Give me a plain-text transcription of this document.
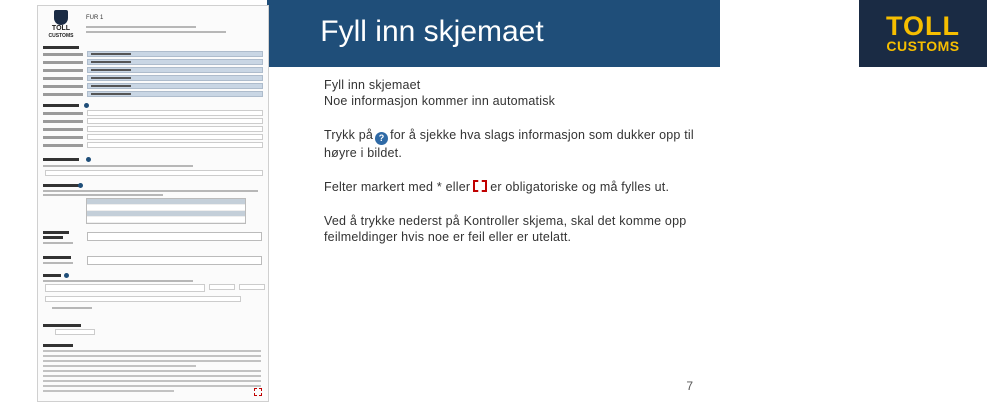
Fyll inn skjemaet	TOLL
CUSTOMS
TOLL
CUSTOMS
FUR 1

Fyll inn skjemaet

Noe informasjon kommer inn automatisk

Trykk på ? for å sjekke hva slags informasjon som dukker opp til høyre i bildet.

Felter markert med * eller er obligatoriske og må fylles ut.

Ved å trykke nederst på Kontroller skjema, skal det komme opp feilmeldinger hvis noe er feil eller er utelatt.

7
